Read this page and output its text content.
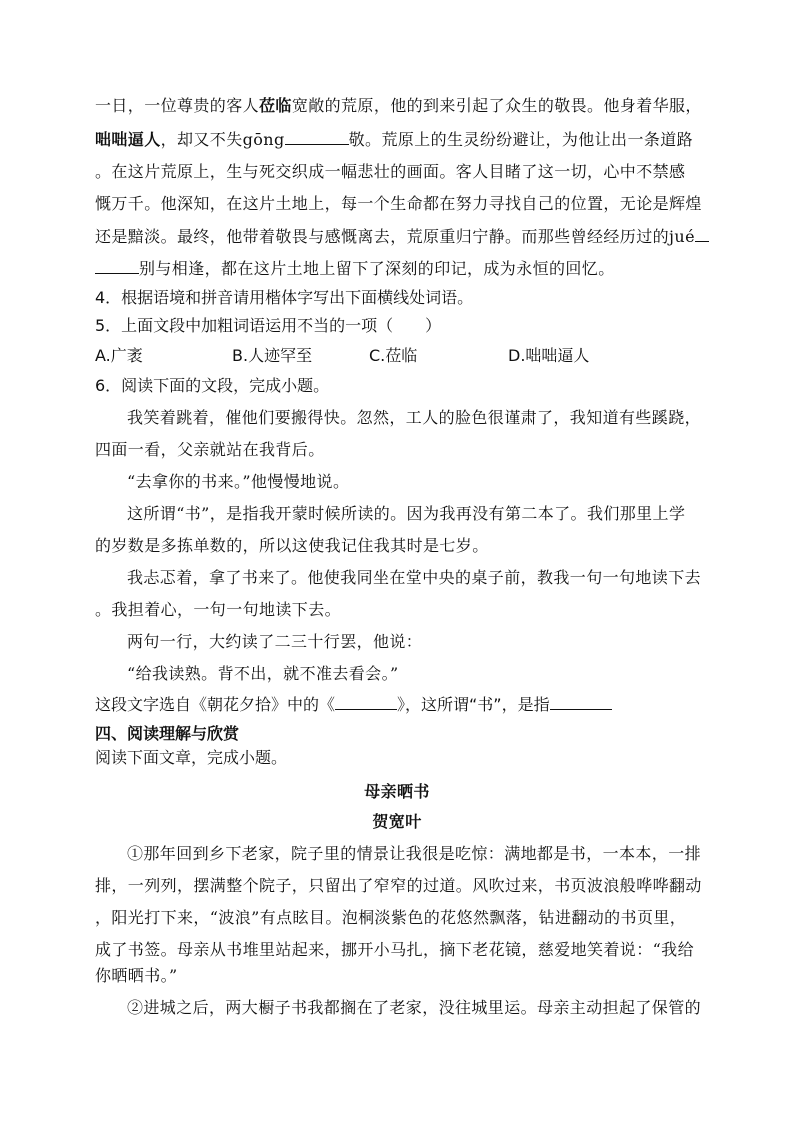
一日，一位尊贵的客人莅临宽敞的荒原，他的到来引起了众生的敬畏。他身着华服，
咄咄逼人，却又不失gōng	敬。荒原上的生灵纷纷避让，为他让出一条道路
。在这片荒原上，生与死交织成一幅悲壮的画面。客人目睹了这一切，心中不禁感
慨万千。他深知，在这片土地上，每一个生命都在努力寻找自己的位置，无论是辉煌
还是黯淡。最终，他带着敬畏与感慨离去，荒原重归宁静。而那些曾经经历过的jué
别与相逢，都在这片土地上留下了深刻的印记，成为永恒的回忆。
4．根据语境和拼音请用楷体字写出下面横线处词语。
5．上面文段中加粗词语运用不当的一项（　　）
A.广袤	B.人迹罕至	C.莅临	D.咄咄逼人
6．阅读下面的文段，完成小题。
我笑着跳着，催他们要搬得快。忽然，工人的脸色很谨肃了，我知道有些蹊跷，
四面一看，父亲就站在我背后。
“去拿你的书来。”他慢慢地说。
这所谓“书”，是指我开蒙时候所读的。因为我再没有第二本了。我们那里上学
的岁数是多拣单数的，所以这使我记住我其时是七岁。
我忐忑着，拿了书来了。他使我同坐在堂中央的桌子前，教我一句一句地读下去
。我担着心，一句一句地读下去。
两句一行，大约读了二三十行罢，他说：
“给我读熟。背不出，就不准去看会。”
这段文字选自《朝花夕拾》中的《	》，这所谓“书”，是指
四、阅读理解与欣赏
阅读下面文章，完成小题。
母亲晒书
贺宽叶
①那年回到乡下老家，院子里的情景让我很是吃惊：满地都是书，一本本，一排
排，一列列，摆满整个院子，只留出了窄窄的过道。风吹过来，书页波浪般哗哗翻动
，阳光打下来，“波浪”有点眩目。泡桐淡紫色的花悠然飘落，钻进翻动的书页里，
成了书签。母亲从书堆里站起来，挪开小马扎，摘下老花镜，慈爱地笑着说：“我给
你晒晒书。”
②进城之后，两大橱子书我都搁在了老家，没往城里运。母亲主动担起了保管的
